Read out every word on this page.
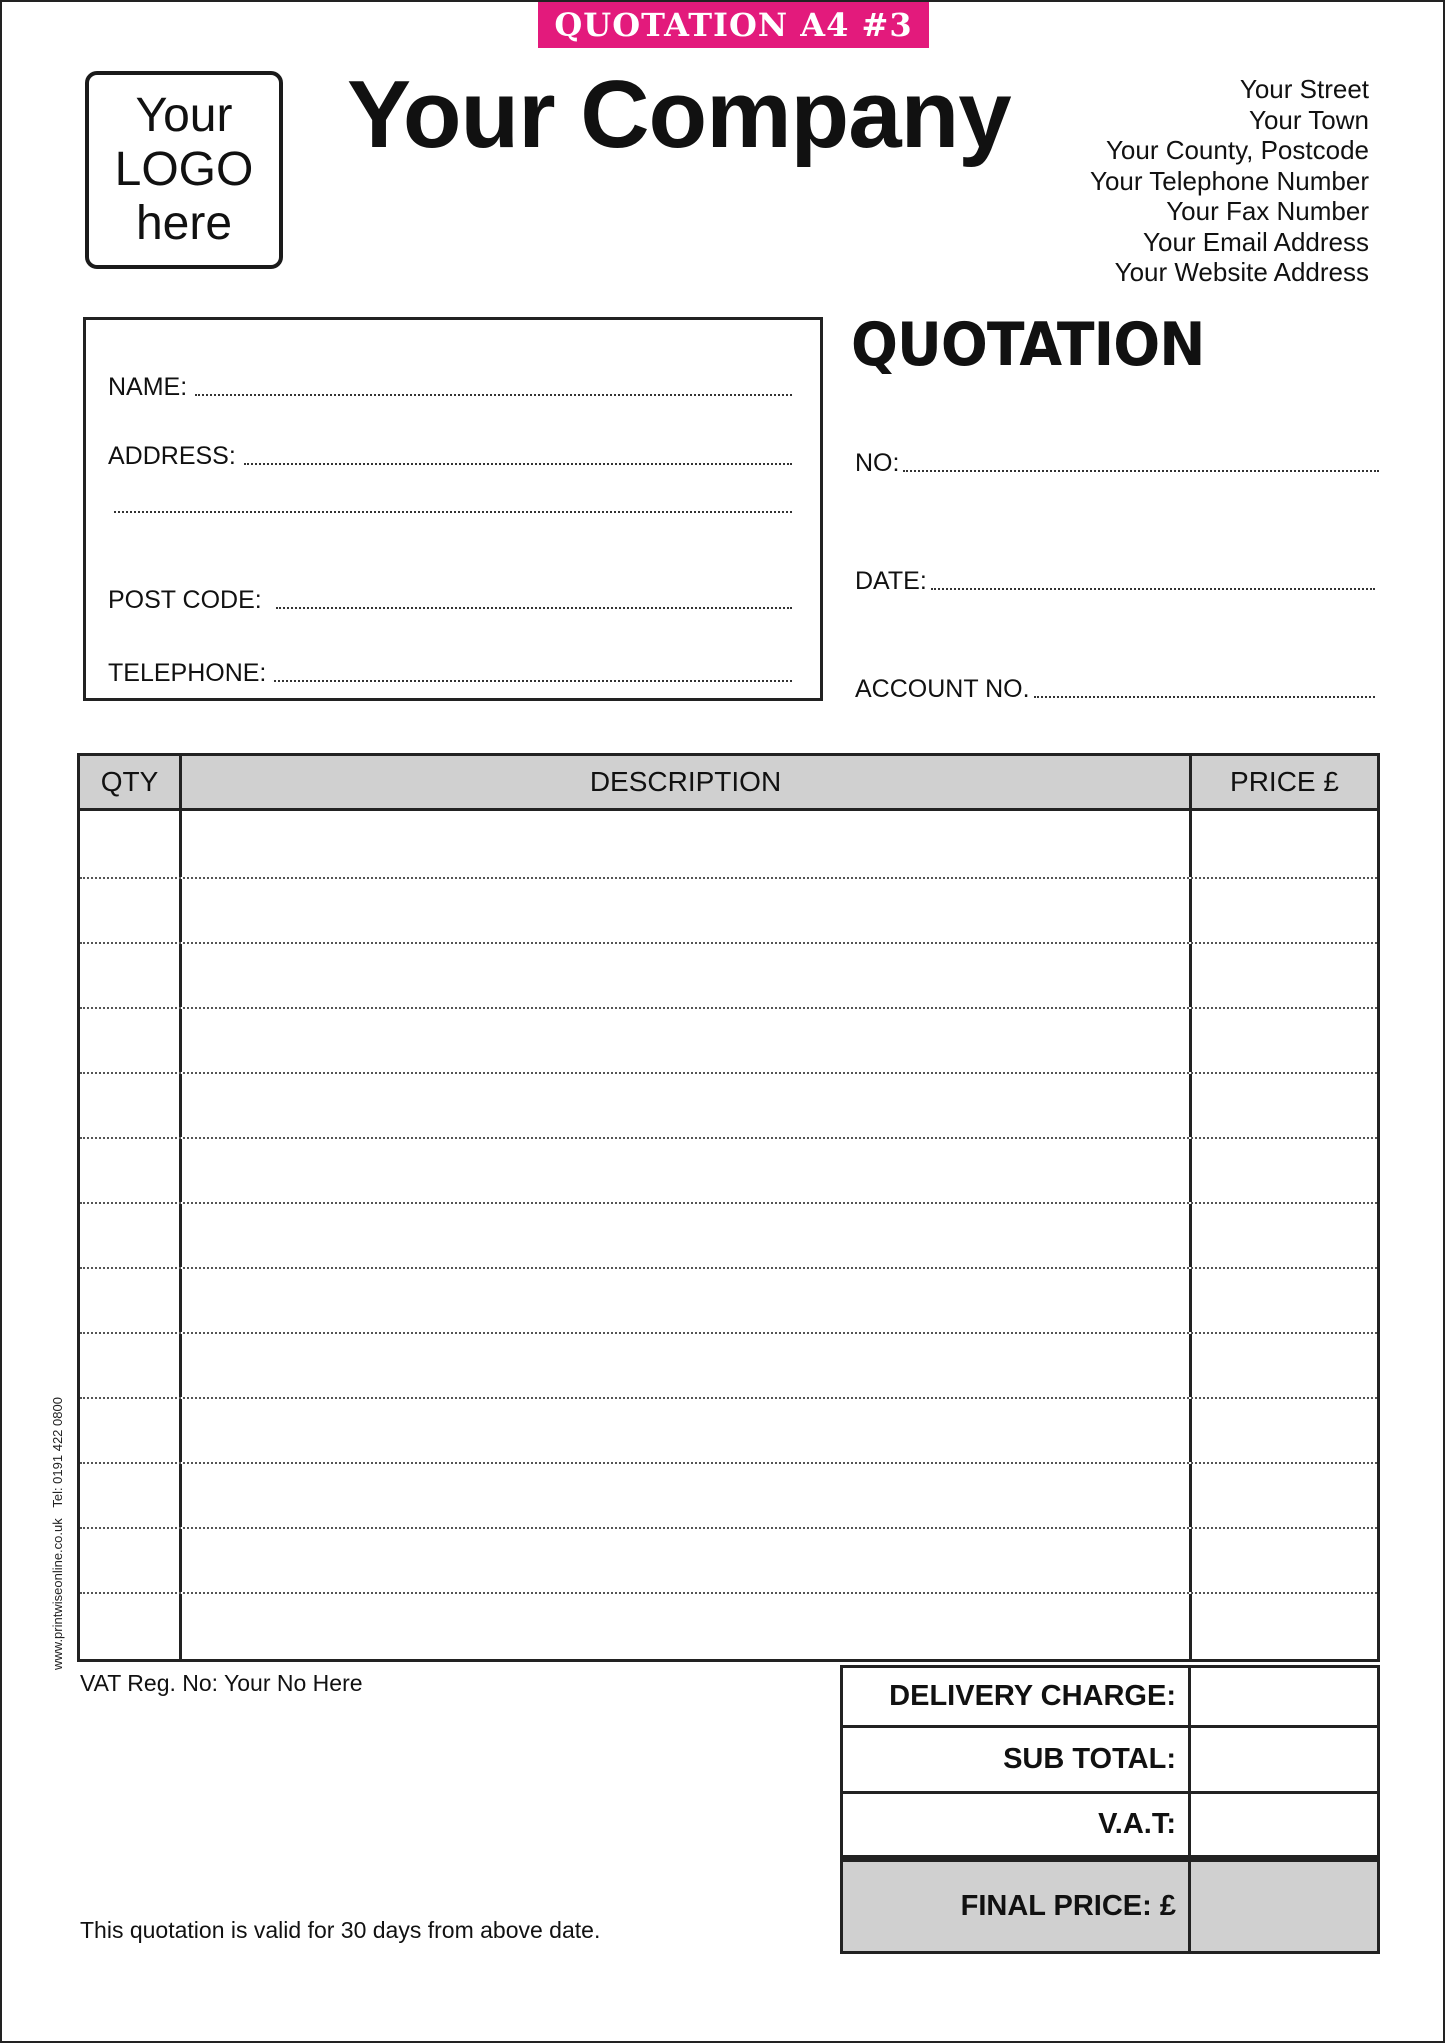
QUOTATION A4 #3
Your
LOGO
here
Your Company	Your Street
Your Town
Your County, Postcode
Your Telephone Number
Your Fax Number
Your Email Address
Your Website Address
NAME:
ADDRESS:
POST CODE:
TELEPHONE:
QUOTATION
NO:
DATE:
ACCOUNT NO.
QTY	DESCRIPTION	PRICE £
VAT Reg. No: Your No Here
This quotation is valid for 30 days from above date.
www.printwiseonline.co.uk   Tel: 0191 422 0800
DELIVERY CHARGE:
SUB TOTAL:
V.A.T:
FINAL PRICE: £
